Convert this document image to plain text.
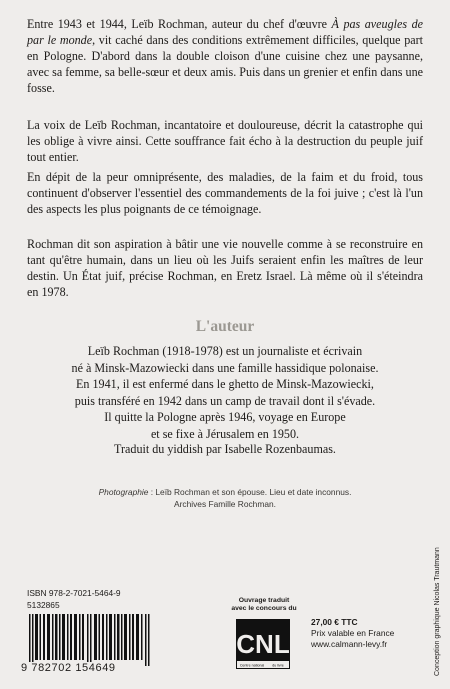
Entre 1943 et 1944, Leïb Rochman, auteur du chef d'œuvre À pas aveugles de par le monde, vit caché dans des conditions extrêmement difficiles, quelque part en Pologne. D'abord dans la double cloison d'une cuisine chez une paysanne, avec sa femme, sa belle-sœur et deux amis. Puis dans un grenier et enfin dans une fosse.

La voix de Leïb Rochman, incantatoire et douloureuse, décrit la catastrophe qui les oblige à vivre ainsi. Cette souffrance fait écho à la destruction du peuple juif tout entier.

En dépit de la peur omniprésente, des maladies, de la faim et du froid, tous continuent d'observer l'essentiel des commandements de la foi juive ; c'est là l'un des aspects les plus poignants de ce témoignage.

Rochman dit son aspiration à bâtir une vie nouvelle comme à se reconstruire en tant qu'être humain, dans un lieu où les Juifs seraient enfin les maîtres de leur destin. Un État juif, précise Rochman, en Eretz Israel. Là même où il s'éteindra en 1978.

L'auteur

Leïb Rochman (1918-1978) est un journaliste et écrivain
né à Minsk-Mazowiecki dans une famille hassidique polonaise.
En 1941, il est enfermé dans le ghetto de Minsk-Mazowiecki,
puis transféré en 1942 dans un camp de travail dont il s'évade.
Il quitte la Pologne après 1946, voyage en Europe
et se fixe à Jérusalem en 1950.

Traduit du yiddish par Isabelle Rozenbaumas.

Photographie : Leïb Rochman et son épouse. Lieu et date inconnus.
Archives Famille Rochman.

ISBN 978-2-7021-5464-9
5132865
9 782702 154649
Ouvrage traduit
avec le concours du
CNL
Centre national du livre
27,00 € TTC
Prix valable en France
www.calmann-levy.fr	Conception graphique Nicolas Trautmann
